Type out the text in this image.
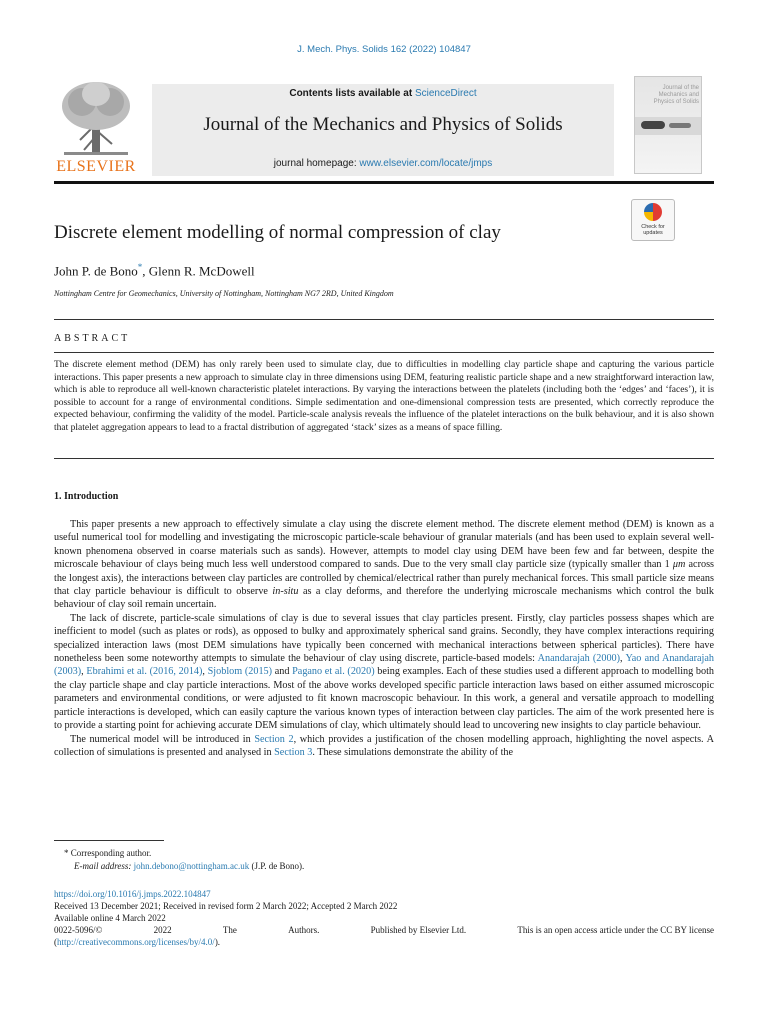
J. Mech. Phys. Solids 162 (2022) 104847
ELSEVIER
Contents lists available at ScienceDirect
Journal of the Mechanics and Physics of Solids
journal homepage: www.elsevier.com/locate/jmps
Journal of the Mechanics and Physics of Solids
Check for updates
Discrete element modelling of normal compression of clay
John P. de Bono*, Glenn R. McDowell
Nottingham Centre for Geomechanics, University of Nottingham, Nottingham NG7 2RD, United Kingdom
ABSTRACT
The discrete element method (DEM) has only rarely been used to simulate clay, due to difficulties in modelling clay particle shape and capturing the various particle interactions. This paper presents a new approach to simulate clay in three dimensions using DEM, featuring realistic particle shape and a new straightforward interaction law, which is able to reproduce all well-known characteristic platelet interactions. By varying the interactions between the platelets (including both the ‘edges’ and ‘faces’), it is possible to account for a range of environmental conditions. Simple sedimentation and one-dimensional compression tests are presented, which correctly reproduce the expected behaviour, confirming the validity of the model. Particle-scale analysis reveals the influence of the platelet interactions on the bulk behaviour, and it is also shown that platelet aggregation appears to lead to a fractal distribution of aggregated ‘stack’ sizes as a means of space filling.
1. Introduction

This paper presents a new approach to effectively simulate a clay using the discrete element method. The discrete element method (DEM) is known as a useful numerical tool for modelling and investigating the microscopic particle-scale behaviour of granular materials (and has been used to explain several well-known phenomena observed in coarse materials such as sands). However, attempts to model clay using DEM have been few and far between, despite the microscale behaviour of clays being much less well understood compared to sands. Due to the very small clay particle size (typically smaller than 1 μm across the longest axis), the interactions between clay particles are controlled by chemical/electrical rather than purely mechanical forces. This small particle size means that clay particle behaviour is difficult to observe in-situ as a clay deforms, and therefore the underlying microscale mechanisms which control the bulk behaviour of clay soil remain uncertain.

The lack of discrete, particle-scale simulations of clay is due to several issues that clay particles present. Firstly, clay particles possess shapes which are inefficient to model (such as plates or rods), as opposed to bulky and approximately spherical sand grains. Secondly, they have complex interactions requiring specialized interaction laws (most DEM simulations have typically been concerned with mechanical interactions between spherical particles). There have nonetheless been some noteworthy attempts to simulate the behaviour of clay using discrete, particle-based models: Anandarajah (2000), Yao and Anandarajah (2003), Ebrahimi et al. (2016, 2014), Sjoblom (2015) and Pagano et al. (2020) being examples. Each of these studies used a different approach to modelling both the clay particle shape and clay particle interactions. Most of the above works developed specific particle interaction laws based on either assumed microscopic parameters and environmental conditions, or were adjusted to fit known macroscopic behaviour. In this work, a general and versatile approach to modelling particle interactions is developed, which can easily capture the various known types of interaction between clay particles. The aim of the work presented here is to provide a starting point for achieving accurate DEM simulations of clay, which ultimately should lead to uncovering new insights to clay particle behaviour.

The numerical model will be introduced in Section 2, which provides a justification of the chosen modelling approach, highlighting the novel aspects. A collection of simulations is presented and analysed in Section 3. These simulations demonstrate the ability of the

* Corresponding author.
E-mail address: john.debono@nottingham.ac.uk (J.P. de Bono).
https://doi.org/10.1016/j.jmps.2022.104847
Received 13 December 2021; Received in revised form 2 March 2022; Accepted 2 March 2022
Available online 4 March 2022
0022-5096/©	2022	The	Authors.	Published by Elsevier Ltd.	This is an open access article under the CC BY license
(http://creativecommons.org/licenses/by/4.0/).
